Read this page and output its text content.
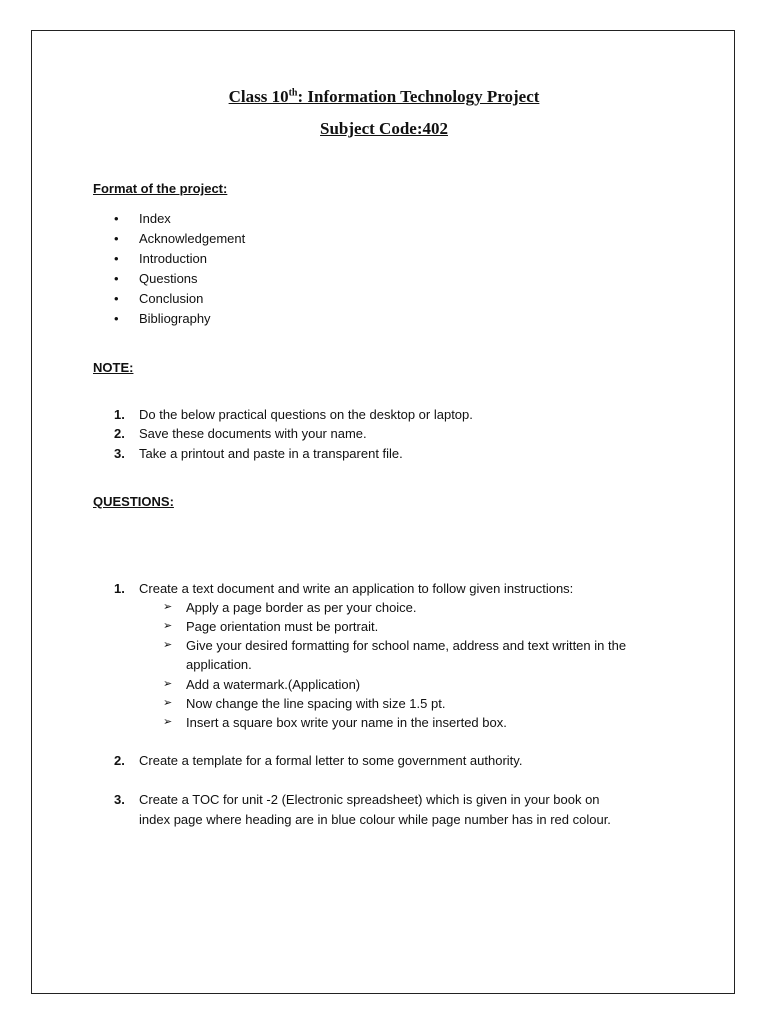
Class 10th: Information Technology Project
Subject Code:402
Format of the project:
• Index
• Acknowledgement
• Introduction
• Questions
• Conclusion
• Bibliography
NOTE:
1. Do the below practical questions on the desktop or laptop.
2. Save these documents with your name.
3. Take a printout and paste in a transparent file.
QUESTIONS:
1. Create a text document and write an application to follow given instructions:
➢ Apply a page border as per your choice.
➢ Page orientation must be portrait.
➢ Give your desired formatting for school name, address and text written in the
application.
➢ Add a watermark.(Application)
➢ Now change the line spacing with size 1.5 pt.
➢ Insert a square box write your name in the inserted box.
2. Create a template for a formal letter to some government authority.
3. Create a TOC for unit -2 (Electronic spreadsheet) which is given in your book on
index page where heading are in blue colour while page number has in red colour.
